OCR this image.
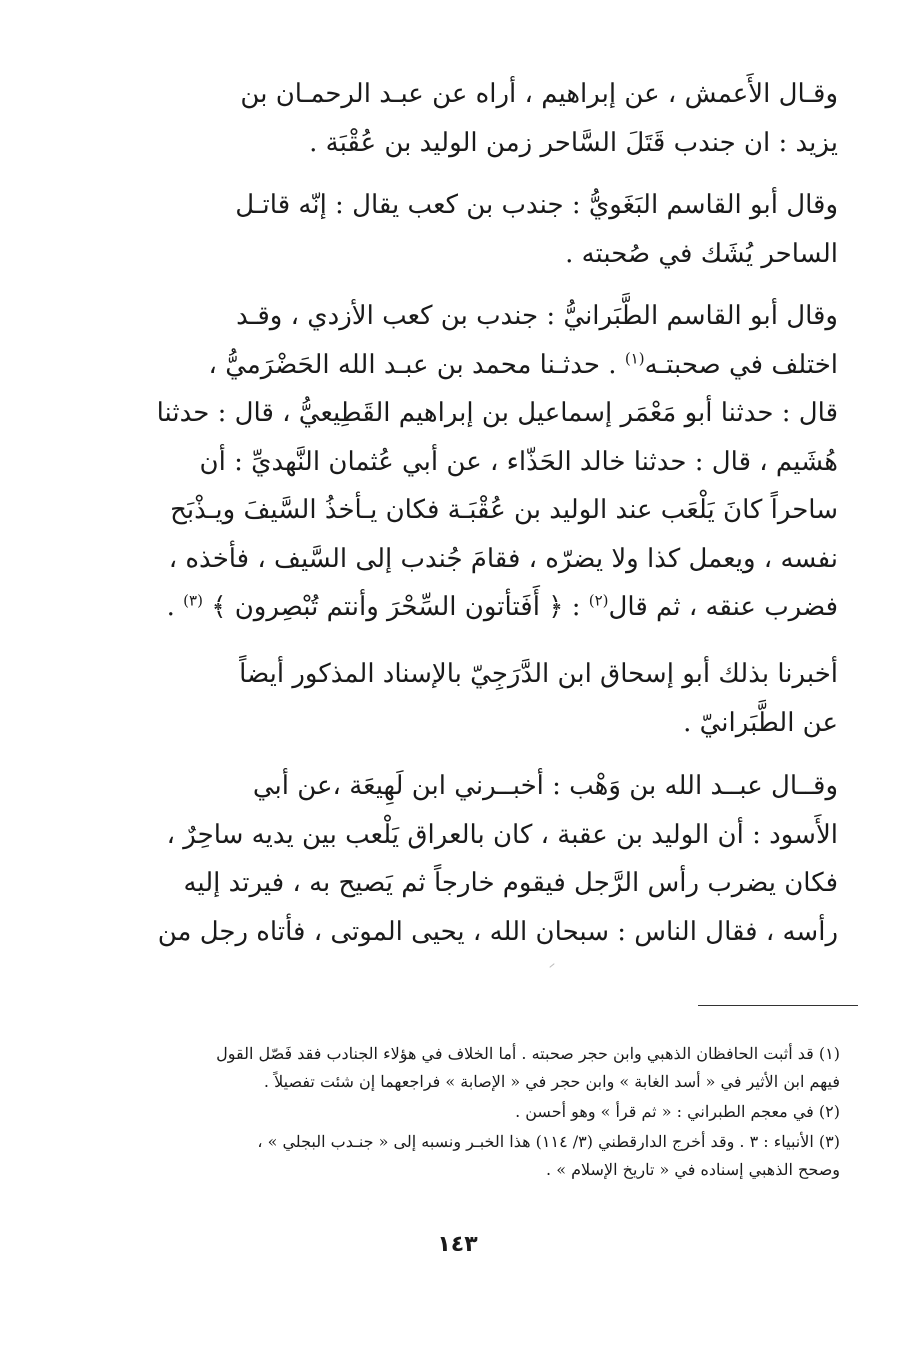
وقـال الأَعمش ، عن إبراهيم ، أراه عن عبـد الرحمـان بن
يزيد : ان جندب قَتَلَ السَّاحر زمن الوليد بن عُقْبَة .

وقال أبو القاسم البَغَويُّ : جندب بن كعب يقال : إنّه قاتـل
الساحر يُشَك في صُحبته .

وقال أبو القاسم الطَّبَرانيُّ : جندب بن كعب الأزدي ، وقـد
اختلف في صحبتـه$^{(١)}$ . حدثـنا محمد بن عبـد الله الحَضْرَميُّ ،
قال : حدثنا أبو مَعْمَر إسماعيل بن إبراهيم القَطِيعيُّ ، قال : حدثنا
هُشَيم ، قال : حدثنا خالد الحَذّاء ، عن أبي عُثمان النَّهديِّ : أن
ساحراً كانَ يَلْعَب عند الوليد بن عُقْبَـة فكان يـأخذُ السَّيفَ ويـذْبَح
نفسه ، ويعمل كذا ولا يضرّه ، فقامَ جُندب إلى السَّيف ، فأخذه ،
فضرب عنقه ، ثم قال$^{(٢)}$ : ﴿ أَفَتأتون السِّحْرَ وأنتم تُبْصِرون ﴾ $^{(٣)}$ .

أخبرنا بذلك أبو إسحاق ابن الدَّرَجِيّ بالإسناد المذكور أيضاً
عن الطَّبَرانيّ .

وقــال عبــد الله بن وَهْب : أخبــرني ابن لَهِيعَة ،عن أبي
الأَسود : أن الوليد بن عقبة ، كان بالعراق يَلْعب بين يديه ساحِرٌ ،
فكان يضرب رأس الرَّجل فيقوم خارجاً ثم يَصيح به ، فيرتد إليه
رأسه ، فقال الناس : سبحان الله ، يحيى الموتى ، فأتاه رجل من

(١) قد أثبت الحافظان الذهبي وابن حجر صحبته . أما الخلاف في هؤلاء الجنادب فقد فَصّل القول
فيهم ابن الأثير في « أسد الغابة » وابن حجر في « الإصابة » فراجعهما إن شئت تفصيلاً .

(٢) في معجم الطبراني : « ثم قرأ » وهو أحسن .

(٣) الأنبياء : ٣ . وقد أخرج الدارقطني (٣/ ١١٤) هذا الخبـر ونسبه إلى « جنـدب البجلي » ،
وصحح الذهبي إسناده في « تاريخ الإسلام » .

١٤٣
